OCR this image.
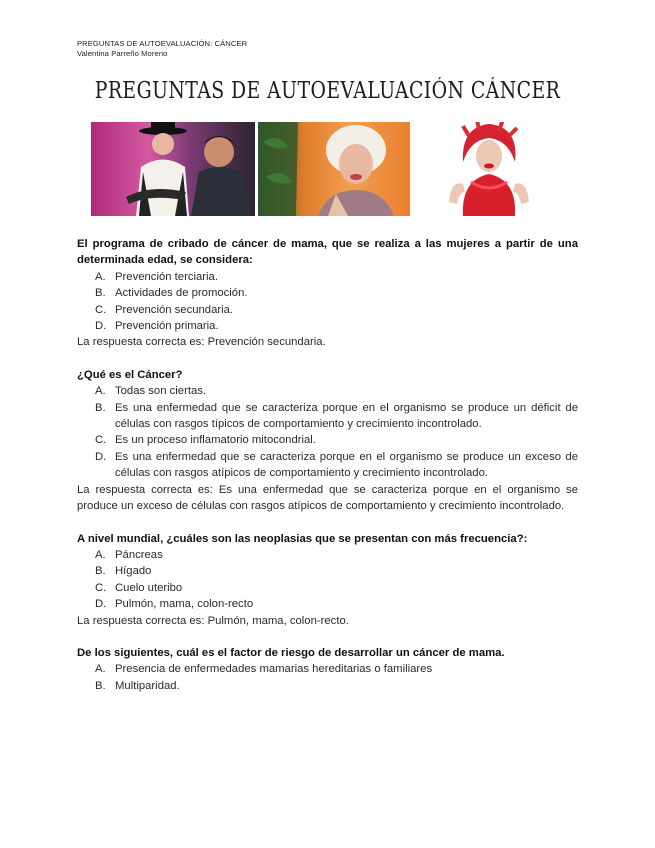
PREGUNTAS DE AUTOEVALUACIÓN: CÁNCER
Valentina Parreño Moreno
PREGUNTAS DE AUTOEVALUACIÓN CÁNCER
El programa de cribado de cáncer de mama, que se realiza a las mujeres a partir de una determinada edad, se considera:
A. Prevención terciaria.
B. Actividades de promoción.
C. Prevención secundaria.
D. Prevención primaria.
La respuesta correcta es: Prevención secundaria.
¿Qué es el Cáncer?
A. Todas son ciertas.
B. Es una enfermedad que se caracteriza porque en el organismo se produce un déficit de células con rasgos típicos de comportamiento y crecimiento incontrolado.
C. Es un proceso inflamatorio mitocondrial.
D. Es una enfermedad que se caracteriza porque en el organismo se produce un exceso de células con rasgos atípicos de comportamiento y crecimiento incontrolado.
La respuesta correcta es: Es una enfermedad que se caracteriza porque en el organismo se produce un exceso de células con rasgos atípicos de comportamiento y crecimiento incontrolado.
A nivel mundial, ¿cuáles son las neoplasias que se presentan con más frecuencia?:
A. Páncreas
B. Hígado
C. Cuelo uteribo
D. Pulmón, mama, colon-recto
La respuesta correcta es: Pulmón, mama, colon-recto.
De los siguientes, cuál es el factor de riesgo de desarrollar un cáncer de mama.
A. Presencia de enfermedades mamarias hereditarias o familiares
B. Multiparidad.
